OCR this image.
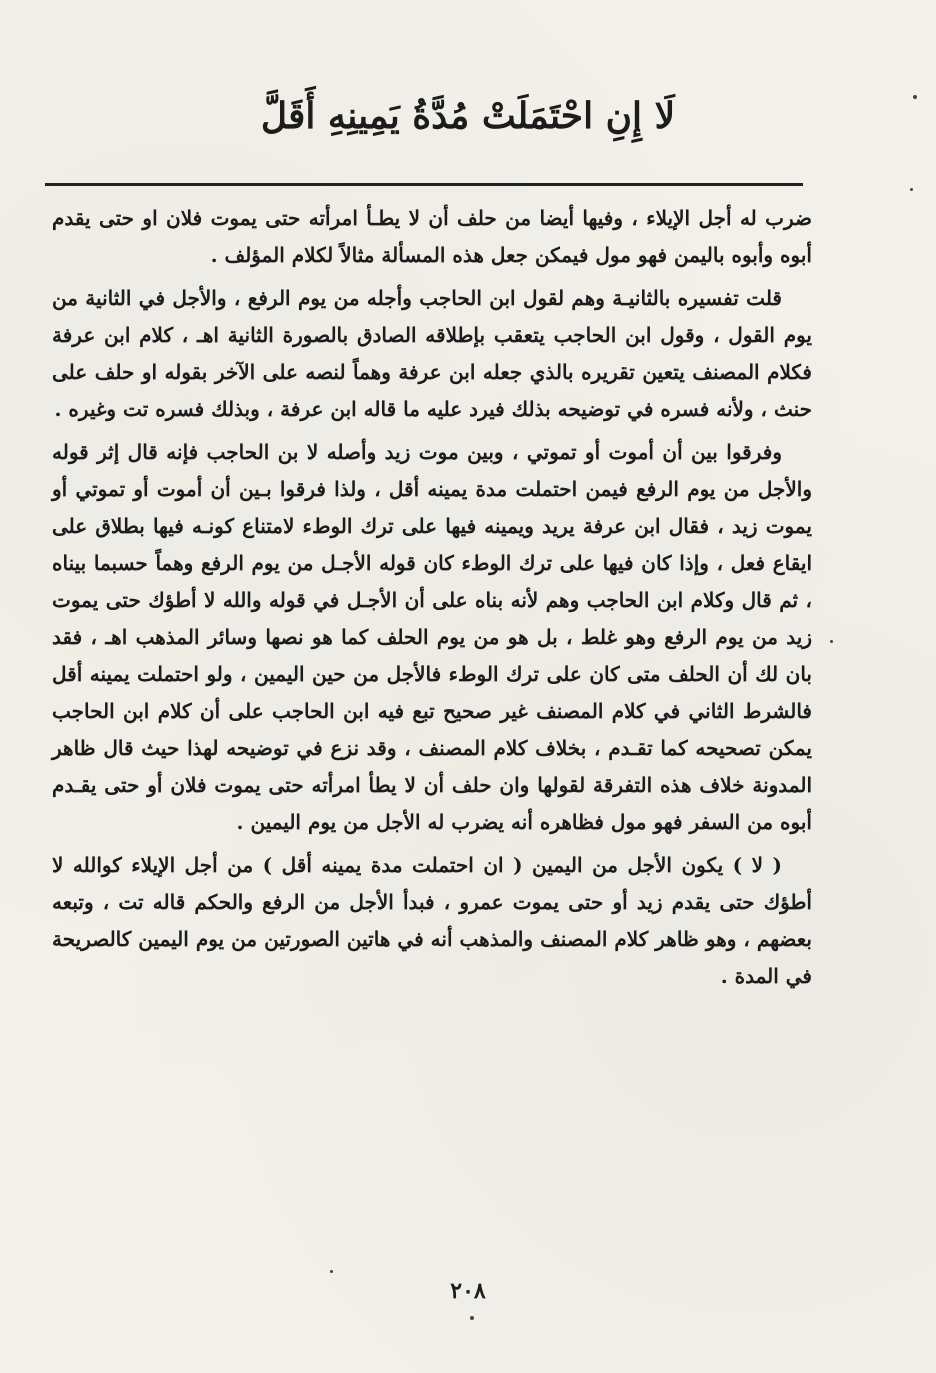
لَا إِنِ احْتَمَلَتْ مُدَّةُ يَمِينِهِ أَقَلَّ

ضرب له أجل الإيلاء ، وفيها أيضا من حلف أن لا يطـأ امرأته حتى يموت فلان او حتى يقدم أبوه وأبوه باليمن فهو مول فيمكن جعل هذه المسألة مثالاً لكلام المؤلف .

قلت تفسيره بالثانيـة وهم لقول ابن الحاجب وأجله من يوم الرفع ، والأجل في الثانية من يوم القول ، وقول ابن الحاجب يتعقب بإطلاقه الصادق بالصورة الثانية اهـ ، كلام ابن عرفة فكلام المصنف يتعين تقريره بالذي جعله ابن عرفة وهماً لنصه على الآخر بقوله او حلف على حنث ، ولأنه فسره في توضيحه بذلك فيرد عليه ما قاله ابن عرفة ، وبذلك فسره تت وغيره .

وفرقوا بين أن أموت أو تموتي ، وبين موت زيد وأصله لا بن الحاجب فإنه قال إثر قوله والأجل من يوم الرفع فيمن احتملت مدة يمينه أقل ، ولذا فرقوا بـين أن أموت أو تموتي أو يموت زيد ، فقال ابن عرفة يريد ويمينه فيها على ترك الوطء لامتناع كونـه فيها بطلاق على ايقاع فعل ، وإذا كان فيها على ترك الوطء كان قوله الأجـل من يوم الرفع وهماً حسبما بيناه ، ثم قال وكلام ابن الحاجب وهم لأنه بناه على أن الأجـل في قوله والله لا أطؤك حتى يموت زيد من يوم الرفع وهو غلط ، بل هو من يوم الحلف كما هو نصها وسائر المذهب اهـ ، فقد بان لك أن الحلف متى كان على ترك الوطء فالأجل من حين اليمين ، ولو احتملت يمينه أقل فالشرط الثاني في كلام المصنف غير صحيح تبع فيه ابن الحاجب على أن كلام ابن الحاجب يمكن تصحيحه كما تقـدم ، بخلاف كلام المصنف ، وقد نزع في توضيحه لهذا حيث قال ظاهر المدونة خلاف هذه التفرقة لقولها وان حلف أن لا يطأ امرأته حتى يموت فلان أو حتى يقـدم أبوه من السفر فهو مول فظاهره أنه يضرب له الأجل من يوم اليمين .

( لا ) يكون الأجل من اليمين ( ان احتملت مدة يمينه أقل ) من أجل الإيلاء كوالله لا أطؤك حتى يقدم زيد أو حتى يموت عمرو ، فبدأ الأجل من الرفع والحكم قاله تت ، وتبعه بعضهم ، وهو ظاهر كلام المصنف والمذهب أنه في هاتين الصورتين من يوم اليمين كالصريحة في المدة .

٢٠٨
